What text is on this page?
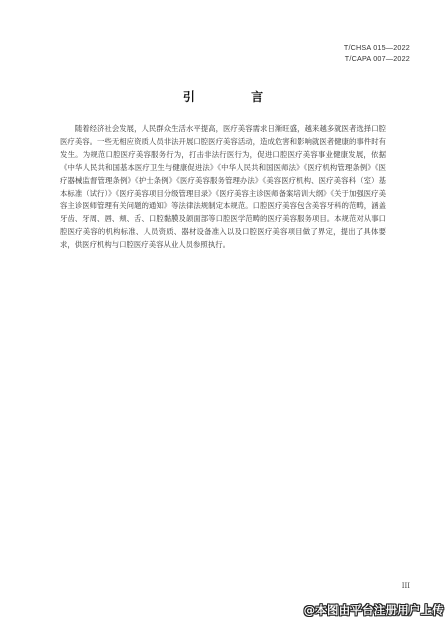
T/CHSA 015—2022
T/CAPA 007—2022
引 言

随着经济社会发展，人民群众生活水平提高，医疗美容需求日渐旺盛，越来越多就医者选择口腔医疗美容。一些无相应资质人员非法开展口腔医疗美容活动，造成危害和影响就医者健康的事件时有发生。为规范口腔医疗美容服务行为，打击非法行医行为，促进口腔医疗美容事业健康发展，依据《中华人民共和国基本医疗卫生与健康促进法》《中华人民共和国医师法》《医疗机构管理条例》《医疗器械监督管理条例》《护士条例》《医疗美容服务管理办法》《美容医疗机构、医疗美容科（室）基本标准（试行）》《医疗美容项目分级管理目录》《医疗美容主诊医师备案培训大纲》《关于加强医疗美容主诊医师管理有关问题的通知》等法律法规制定本规范。口腔医疗美容包含美容牙科的范畴，涵盖牙齿、牙周、唇、颊、舌、口腔黏膜及颌面部等口腔医学范畴的医疗美容服务项目。本规范对从事口腔医疗美容的机构标准、人员资质、器材设备准入以及口腔医疗美容项目做了界定，提出了具体要求，供医疗机构与口腔医疗美容从业人员参照执行。

III
@本图由平台注册用户上传
